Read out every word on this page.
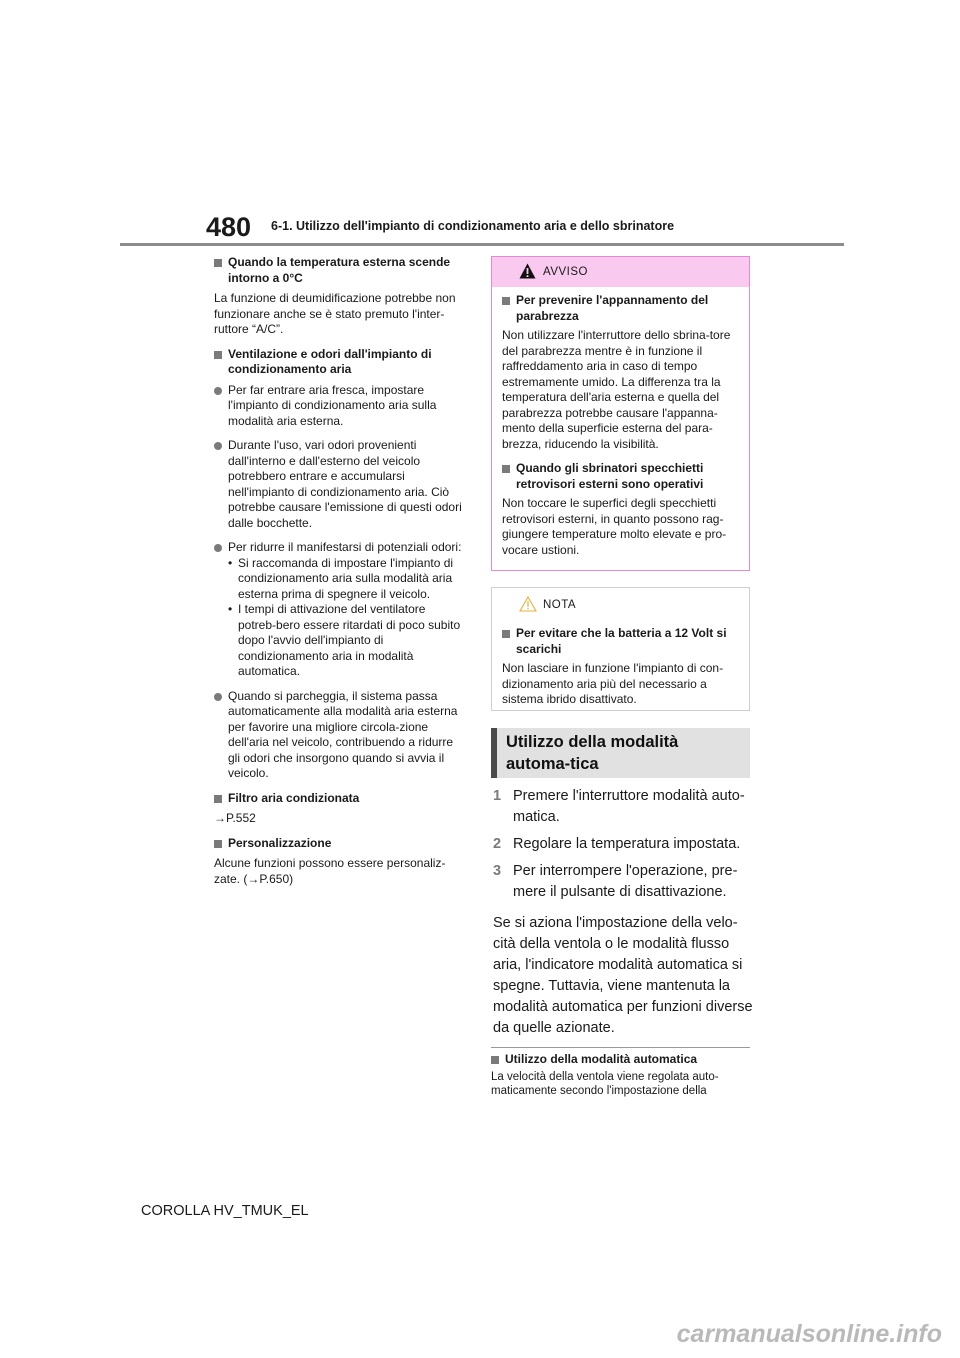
480 6-1. Utilizzo dell'impianto di condizionamento aria e dello sbrinatore
Quando la temperatura esterna scende intorno a 0°C
La funzione di deumidificazione potrebbe non funzionare anche se è stato premuto l'inter-ruttore “A/C”.
Ventilazione e odori dall'impianto di condizionamento aria
Per far entrare aria fresca, impostare l'impianto di condizionamento aria sulla modalità aria esterna.
Durante l'uso, vari odori provenienti dall'interno e dall'esterno del veicolo potrebbero entrare e accumularsi nell'impianto di condizionamento aria. Ciò potrebbe causare l'emissione di questi odori dalle bocchette.
Per ridurre il manifestarsi di potenziali odori:
• Si raccomanda di impostare l'impianto di condizionamento aria sulla modalità aria esterna prima di spegnere il veicolo.
• I tempi di attivazione del ventilatore potreb-bero essere ritardati di poco subito dopo l'avvio dell'impianto di condizionamento aria in modalità automatica.
Quando si parcheggia, il sistema passa automaticamente alla modalità aria esterna per favorire una migliore circola-zione dell'aria nel veicolo, contribuendo a ridurre gli odori che insorgono quando si avvia il veicolo.
Filtro aria condizionata
→P.552
Personalizzazione
Alcune funzioni possono essere personaliz-zate. (→P.650)
AVVISO
Per prevenire l'appannamento del parabrezza
Non utilizzare l'interruttore dello sbrina-tore del parabrezza mentre è in funzione il raffreddamento aria in caso di tempo estremamente umido. La differenza tra la temperatura dell'aria esterna e quella del parabrezza potrebbe causare l'appanna-mento della superficie esterna del para-brezza, riducendo la visibilità.
Quando gli sbrinatori specchietti retrovisori esterni sono operativi
Non toccare le superfici degli specchietti retrovisori esterni, in quanto possono rag-giungere temperature molto elevate e pro-vocare ustioni.
NOTA
Per evitare che la batteria a 12 Volt si scarichi
Non lasciare in funzione l'impianto di con-dizionamento aria più del necessario a sistema ibrido disattivato.
Utilizzo della modalità automa-tica
1 Premere l'interruttore modalità auto-matica.
2 Regolare la temperatura impostata.
3 Per interrompere l'operazione, pre-mere il pulsante di disattivazione.
Se si aziona l'impostazione della velo-cità della ventola o le modalità flusso aria, l'indicatore modalità automatica si spegne. Tuttavia, viene mantenuta la modalità automatica per funzioni diverse da quelle azionate.
Utilizzo della modalità automatica
La velocità della ventola viene regolata auto-maticamente secondo l'impostazione della
COROLLA HV_TMUK_EL
carmanualsonline.info
